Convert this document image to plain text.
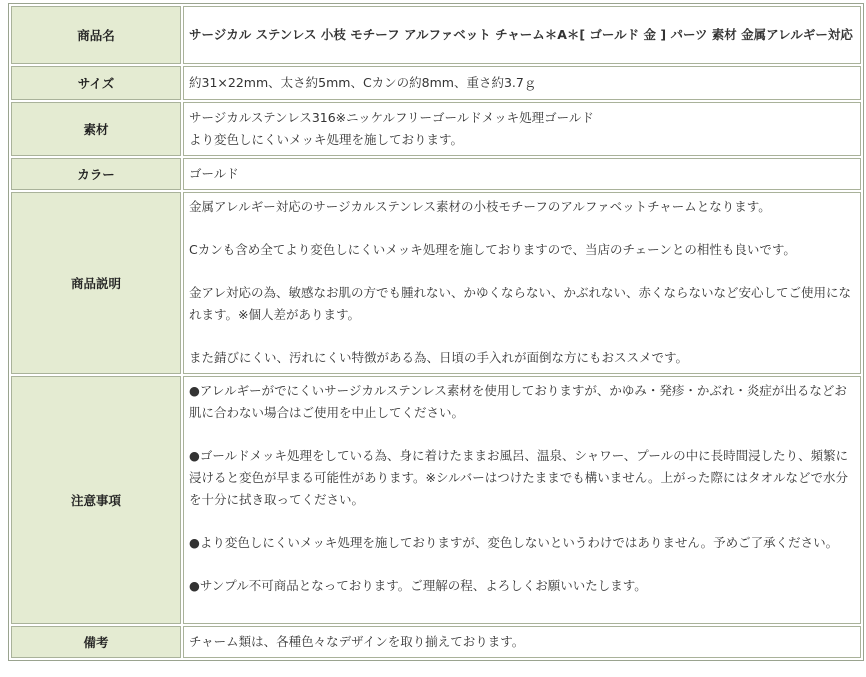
商品名	サージカル ステンレス 小枝 モチーフ アルファベット チャーム＊A＊[ ゴールド 金 ] パーツ 素材 金属アレルギー対応
サイズ	約31×22mm、太さ約5mm、Cカンの約8mm、重さ約3.7ｇ
素材	サージカルステンレス316※ニッケルフリーゴールドメッキ処理ゴールド
より変色しにくいメッキ処理を施しております。

カラー	ゴールド
商品説明	金属アレルギー対応のサージカルステンレス素材の小枝モチーフのアルファベットチャームとなります。

Cカンも含め全てより変色しにくいメッキ処理を施しておりますので、当店のチェーンとの相性も良いです。

金アレ対応の為、敏感なお肌の方でも腫れない、かゆくならない、かぶれない、赤くならないなど安心してご使用になれます。※個人差があります。

また錆びにくい、汚れにくい特徴がある為、日頃の手入れが面倒な方にもおススメです。

注意事項	●アレルギーがでにくいサージカルステンレス素材を使用しておりますが、かゆみ・発疹・かぶれ・炎症が出るなどお肌に合わない場合はご使用を中止してください。

●ゴールドメッキ処理をしている為、身に着けたままお風呂、温泉、シャワー、プールの中に長時間浸したり、頻繁に浸けると変色が早まる可能性があります。※シルバーはつけたままでも構いません。上がった際にはタオルなどで水分を十分に拭き取ってください。

●より変色しにくいメッキ処理を施しておりますが、変色しないというわけではありません。予めご了承ください。

●サンプル不可商品となっております。ご理解の程、よろしくお願いいたします。

備考	チャーム類は、各種色々なデザインを取り揃えております。
